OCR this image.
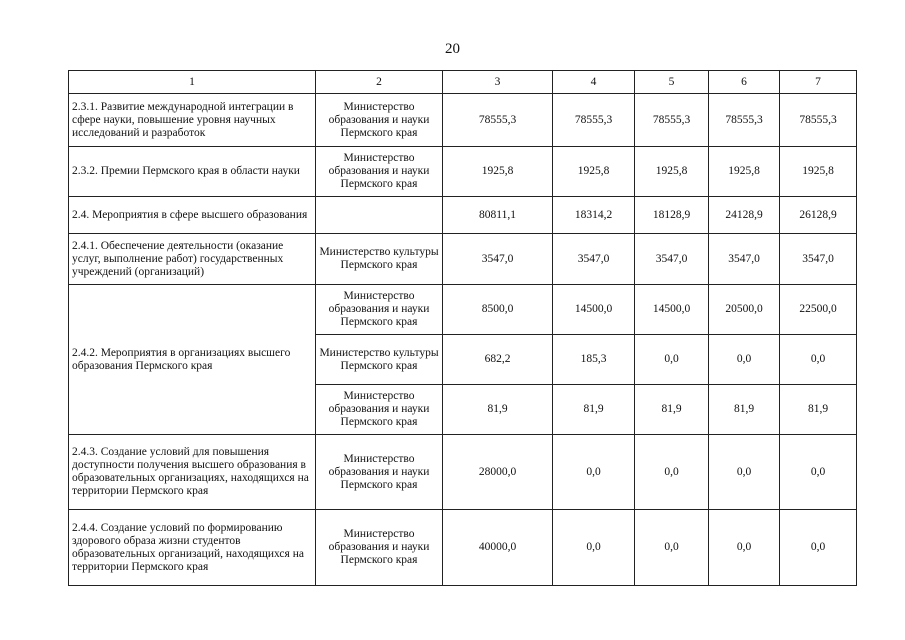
20
1	2	3	4	5	6	7
2.3.1. Развитие международной интеграции в сфере науки, повышение уровня научных исследований и разработок	Министерство образования и науки Пермского края	78555,3	78555,3	78555,3	78555,3	78555,3
2.3.2. Премии Пермского края в области науки	Министерство образования и науки Пермского края	1925,8	1925,8	1925,8	1925,8	1925,8
2.4. Мероприятия в сфере высшего образования		80811,1	18314,2	18128,9	24128,9	26128,9
2.4.1. Обеспечение деятельности (оказание услуг, выполнение работ) государственных учреждений (организаций)	Министерство культуры Пермского края	3547,0	3547,0	3547,0	3547,0	3547,0
2.4.2. Мероприятия в организациях высшего образования Пермского края	Министерство образования и науки Пермского края	8500,0	14500,0	14500,0	20500,0	22500,0
	Министерство культуры Пермского края	682,2	185,3	0,0	0,0	0,0
	Министерство образования и науки Пермского края	81,9	81,9	81,9	81,9	81,9
2.4.3. Создание условий для повышения доступности получения высшего образования в образовательных организациях, находящихся на территории Пермского края	Министерство образования и науки Пермского края	28000,0	0,0	0,0	0,0	0,0
2.4.4. Создание условий по формированию здорового образа жизни студентов образовательных организаций, находящихся на территории Пермского края	Министерство образования и науки Пермского края	40000,0	0,0	0,0	0,0	0,0
